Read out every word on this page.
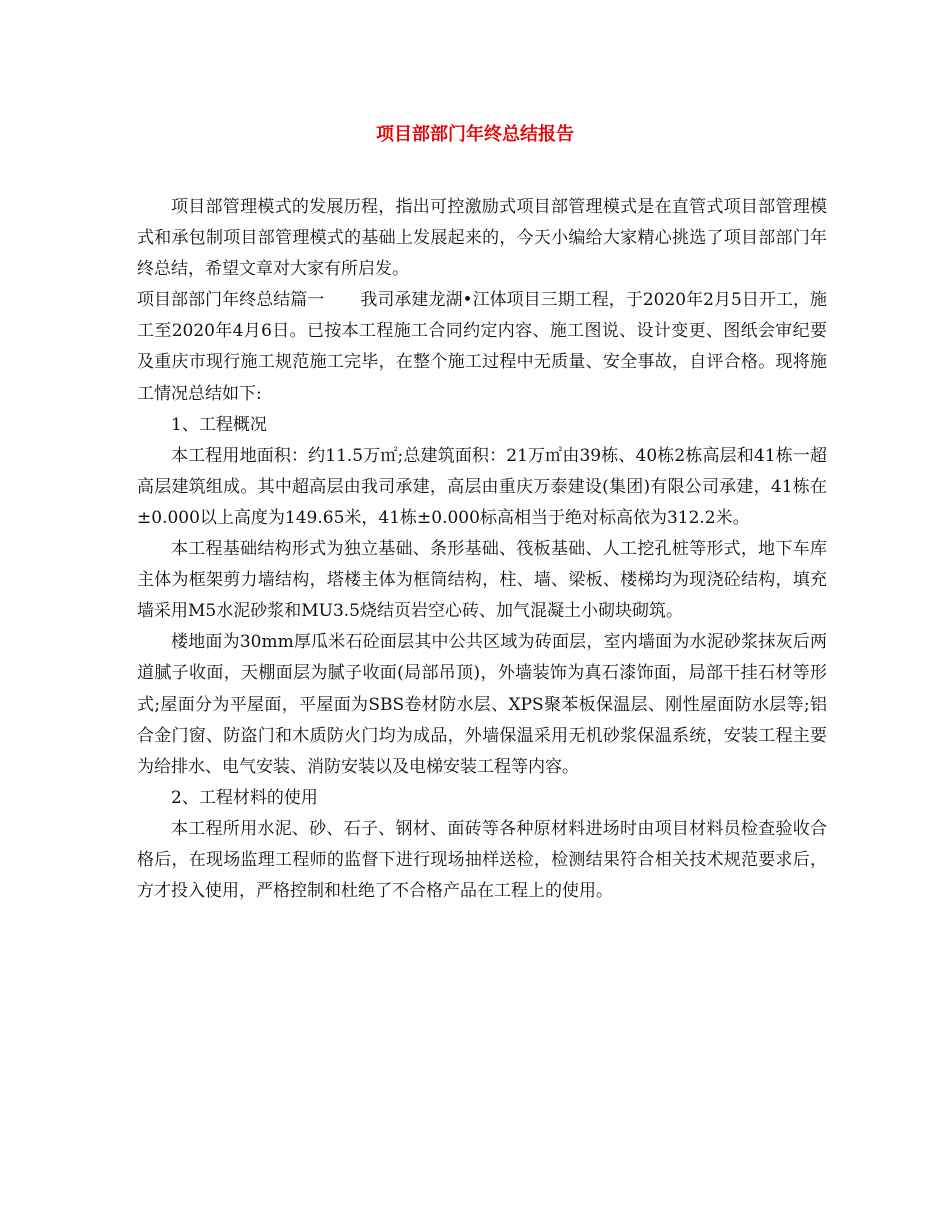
项目部部门年终总结报告

项目部管理模式的发展历程，指出可控激励式项目部管理模式是在直管式项目部管理模式和承包制项目部管理模式的基础上发展起来的，今天小编给大家精心挑选了项目部部门年终总结，希望文章对大家有所启发。

项目部部门年终总结篇一 我司承建龙湖•江体项目三期工程，于2020年2月5日开工，施工至2020年4月6日。已按本工程施工合同约定内容、施工图说、设计变更、图纸会审纪要及重庆市现行施工规范施工完毕，在整个施工过程中无质量、安全事故，自评合格。现将施工情况总结如下:

1、工程概况

本工程用地面积：约11.5万㎡;总建筑面积：21万㎡由39栋、40栋2栋高层和41栋一超高层建筑组成。其中超高层由我司承建，高层由重庆万泰建设(集团)有限公司承建，41栋在±0.000以上高度为149.65米，41栋±0.000标高相当于绝对标高依为312.2米。

本工程基础结构形式为独立基础、条形基础、筏板基础、人工挖孔桩等形式，地下车库主体为框架剪力墙结构，塔楼主体为框筒结构，柱、墙、梁板、楼梯均为现浇砼结构，填充墙采用M5水泥砂浆和MU3.5烧结页岩空心砖、加气混凝土小砌块砌筑。

楼地面为30mm厚瓜米石砼面层其中公共区域为砖面层，室内墙面为水泥砂浆抹灰后两道腻子收面，天棚面层为腻子收面(局部吊顶)，外墙装饰为真石漆饰面，局部干挂石材等形式;屋面分为平屋面，平屋面为SBS卷材防水层、XPS聚苯板保温层、刚性屋面防水层等;铝合金门窗、防盗门和木质防火门均为成品，外墙保温采用无机砂浆保温系统，安装工程主要为给排水、电气安装、消防安装以及电梯安装工程等内容。

2、工程材料的使用

本工程所用水泥、砂、石子、钢材、面砖等各种原材料进场时由项目材料员检查验收合格后，在现场监理工程师的监督下进行现场抽样送检，检测结果符合相关技术规范要求后，方才投入使用，严格控制和杜绝了不合格产品在工程上的使用。
